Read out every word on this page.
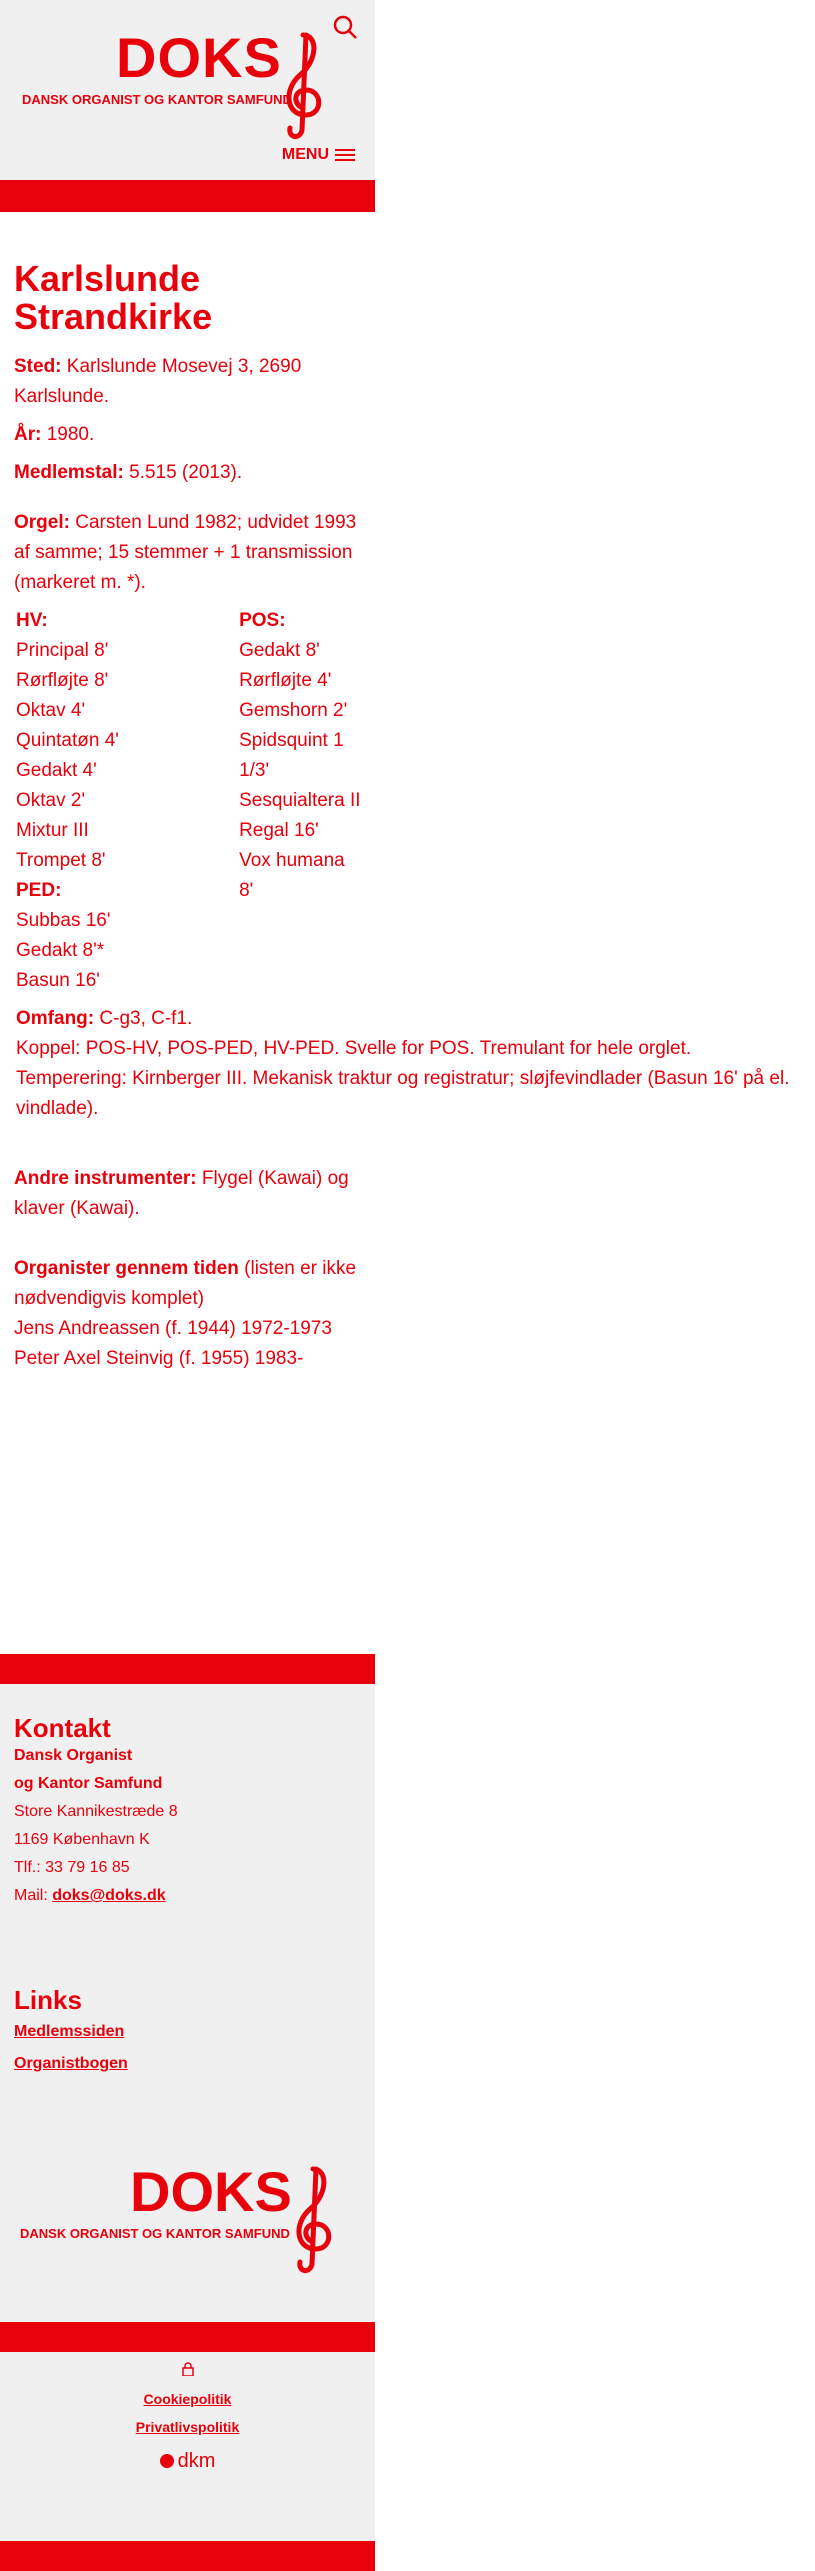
DOKS
DANSK ORGANIST OG KANTOR SAMFUND
MENU
Karlslunde Strandkirke

Sted: Karlslunde Mosevej 3, 2690 Karlslunde.

År: 1980.

Medlemstal: 5.515 (2013).

Orgel: Carsten Lund 1982; udvidet 1993 af samme; 15 stemmer + 1 transmission (markeret m. *).

HV:
Principal 8'
Rørfløjte 8'
Oktav 4'
Quintatøn 4'
Gedakt 4'
Oktav 2'
Mixtur III
Trompet 8'
PED:
Subbas 16'
Gedakt 8'*
Basun 16'
POS:
Gedakt 8'
Rørfløjte 4'
Gemshorn 2'
Spidsquint 1 1/3'
Sesquialtera II
Regal 16'
Vox humana 8'
Omfang: C-g3, C-f1.
Koppel: POS-HV, POS-PED, HV-PED. Svelle for POS. Tremulant for hele orglet. Temperering: Kirnberger III. Mekanisk traktur og registratur; sløjfevindlader (Basun 16' på el. vindlade).

Andre instrumenter: Flygel (Kawai) og klaver (Kawai).

Organister gennem tiden (listen er ikke nødvendigvis komplet)
Jens Andreassen (f. 1944) 1972-1973
Peter Axel Steinvig (f. 1955) 1983-
Kontakt
Dansk Organist
og Kantor Samfund
Store Kannikestræde 8
1169 København K
Tlf.: 33 79 16 85
Mail: doks@doks.dk
Links
Medlemssiden
Organistbogen
DOKS
DANSK ORGANIST OG KANTOR SAMFUND
Cookiepolitik
Privatlivspolitik
dkm
